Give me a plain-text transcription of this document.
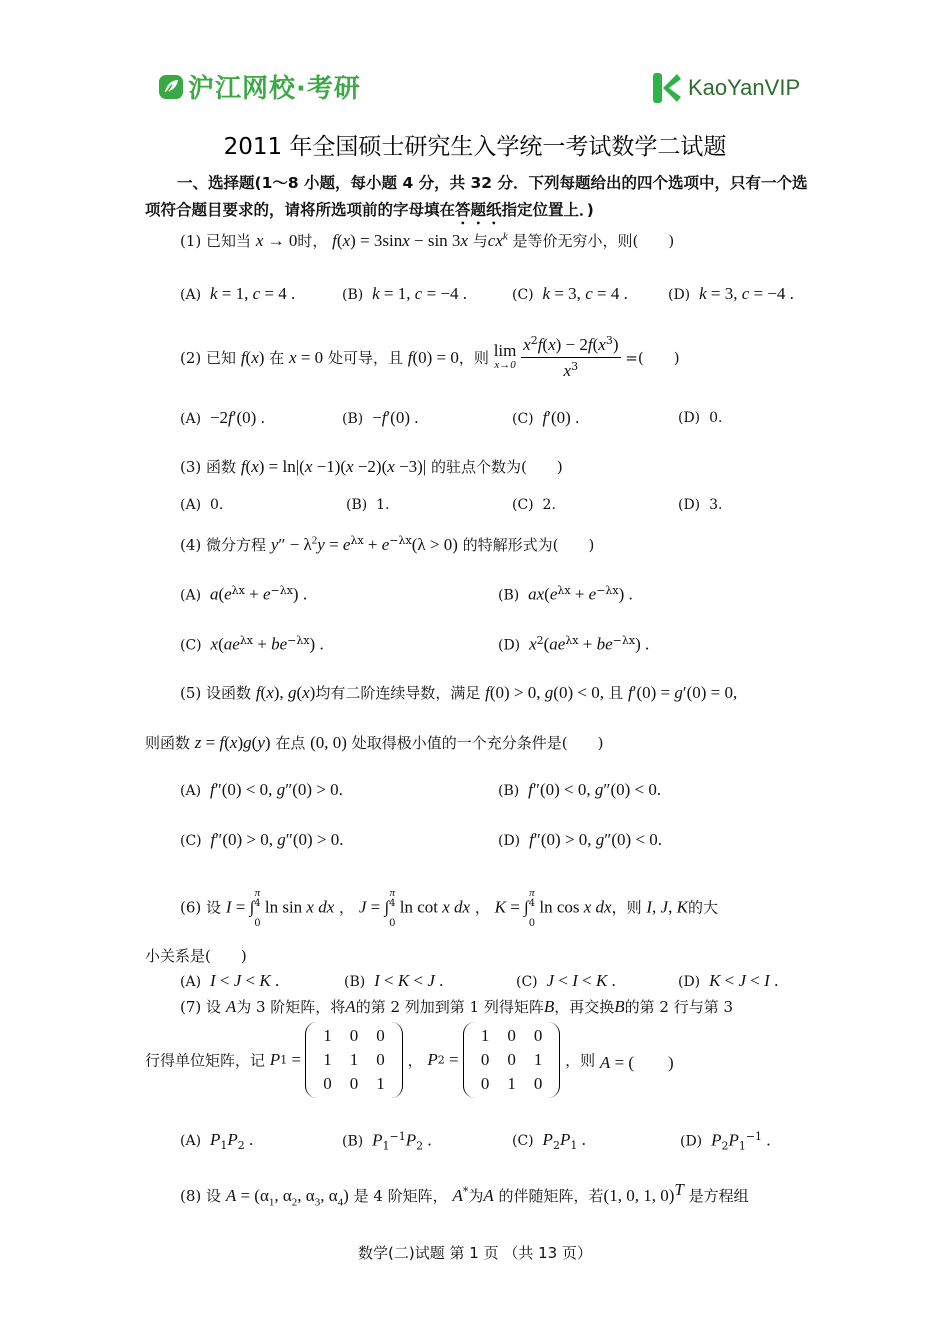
沪江网校·考研	KaoYanVIP
2011 年全国硕士研究生入学统一考试数学二试题
一、选择题(1～8 小题，每小题 4 分，共 32 分．下列每题给出的四个选项中，只有一个选项符合题目要求的，请将所选项前的字母填在答题纸指定位置上．)
(1) 已知当 x → 0时， f(x) = 3sinx − sin 3x 与$cx^k$ 是等价无穷小，则(　　)
(A) k = 1, c = 4 .	(B) k = 1, c = −4 .	(C) k = 3, c = 4 .	(D) k = 3, c = −4 .
(2) 已知 f(x) 在 x = 0 处可导，且 f(0) = 0，则 lim
x→0
$\frac{x^2f(x) - 2f(x^3)}{x^3}$ =(　　)
(A) −2f′(0) .	(B) −f′(0) .	(C) f′(0) .	(D) 0.
(3) 函数 f(x) = ln|(x −1)(x −2)(x −3)| 的驻点个数为(　　)
(A) 0.	(B) 1.	(C) 2.	(D) 3.
(4) 微分方程 $y'' - \lambda^2y = e^{\lambda x} + e^{-\lambda x}(\lambda > 0)$ 的特解形式为(　　)
(A) $a(e^{\lambda x} + e^{-\lambda x})$ .	(B) $ax(e^{\lambda x} + e^{-\lambda x})$ .
(C) $x(ae^{\lambda x} + be^{-\lambda x})$ .	(D) $x^2(ae^{\lambda x} + be^{-\lambda x})$ .
(5) 设函数 f(x), g(x)均有二阶连续导数，满足 f(0) > 0, g(0) < 0, 且 f′(0) = g′(0) = 0,
则函数 z = f(x)g(y) 在点 (0, 0) 处取得极小值的一个充分条件是(　　)
(A) f″(0) < 0, g″(0) > 0.	(B) f″(0) < 0, g″(0) < 0.
(C) f″(0) > 0, g″(0) > 0.	(D) f″(0) > 0, g″(0) < 0.
(6) 设 I = ∫π
4

0 ln sin x dx ， J = ∫π
4

0 ln cot x dx ， K = ∫π
4

0 ln cos x dx，则 I, J, K的大
小关系是(　　)
(A) I < J < K .	(B) I < K < J .	(C) J < I < K .	(D) K < J < I .
(7) 设 A为 3 阶矩阵，将A的第 2 列加到第 1 列得矩阵B，再交换B的第 2 行与第 3
行得单位矩阵，记 P1 =
1	0	0
1	1	0
0	0	1
， P2 =
1	0	0
0	0	1
0	1	0
，则 A = (　　)
(A) $P_1P_2$ .	(B) $P_1^{-1}P_2$ .	(C) $P_2P_1$ .	(D) $P_2P_1^{-1}$ .
(8) 设 $A = (\alpha_1$, $\alpha_2$, $\alpha_3$, $\alpha_4$) 是 4 阶矩阵， A*为A 的伴随矩阵，若(1, 0, 1, 0)$^T$ 是方程组
数学(二)试题 第 1 页 （共 13 页）
